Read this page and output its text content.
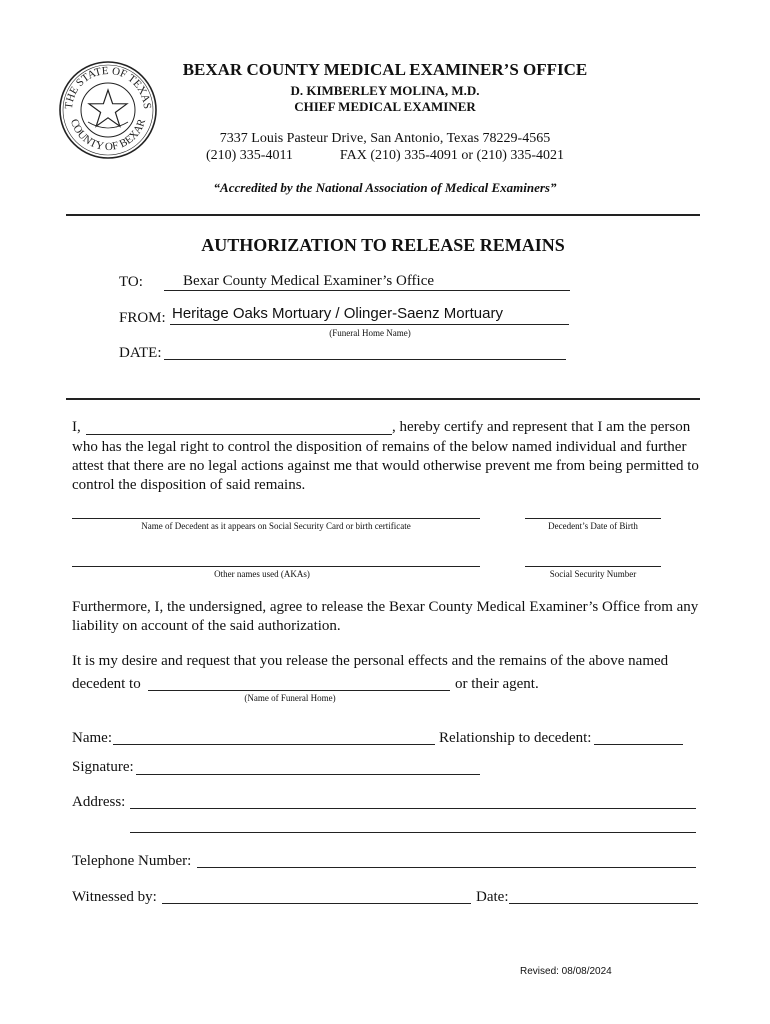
THE STATE OF TEXAS
COUNTY OF BEXAR
BEXAR COUNTY MEDICAL EXAMINER’S OFFICE
D. KIMBERLEY MOLINA, M.D.
CHIEF MEDICAL EXAMINER
7337 Louis Pasteur Drive, San Antonio, Texas 78229-4565
(210) 335-4011	FAX (210) 335-4091 or (210) 335-4021
“Accredited by the National Association of Medical Examiners”
AUTHORIZATION TO RELEASE REMAINS
TO:	Bexar County Medical Examiner’s Office
FROM: Heritage Oaks Mortuary / Olinger-Saenz Mortuary
(Funeral Home Name)
DATE:
I,	, hereby certify and represent that I am the person
who has the legal right to control the disposition of remains of the below named individual and further attest that there are no legal actions against me that would otherwise prevent me from being permitted to control the disposition of said remains.
Name of Decedent as it appears on Social Security Card or birth certificate	Decedent’s Date of Birth
Other names used (AKAs)	Social Security Number
Furthermore, I, the undersigned, agree to release the Bexar County Medical Examiner’s Office from any liability on account of the said authorization.
It is my desire and request that you release the personal effects and the remains of the above named
decedent to	or their agent.
(Name of Funeral Home)
Name:	Relationship to decedent:
Signature:
Address:
Telephone Number:
Witnessed by:	Date:
Revised: 08/08/2024
